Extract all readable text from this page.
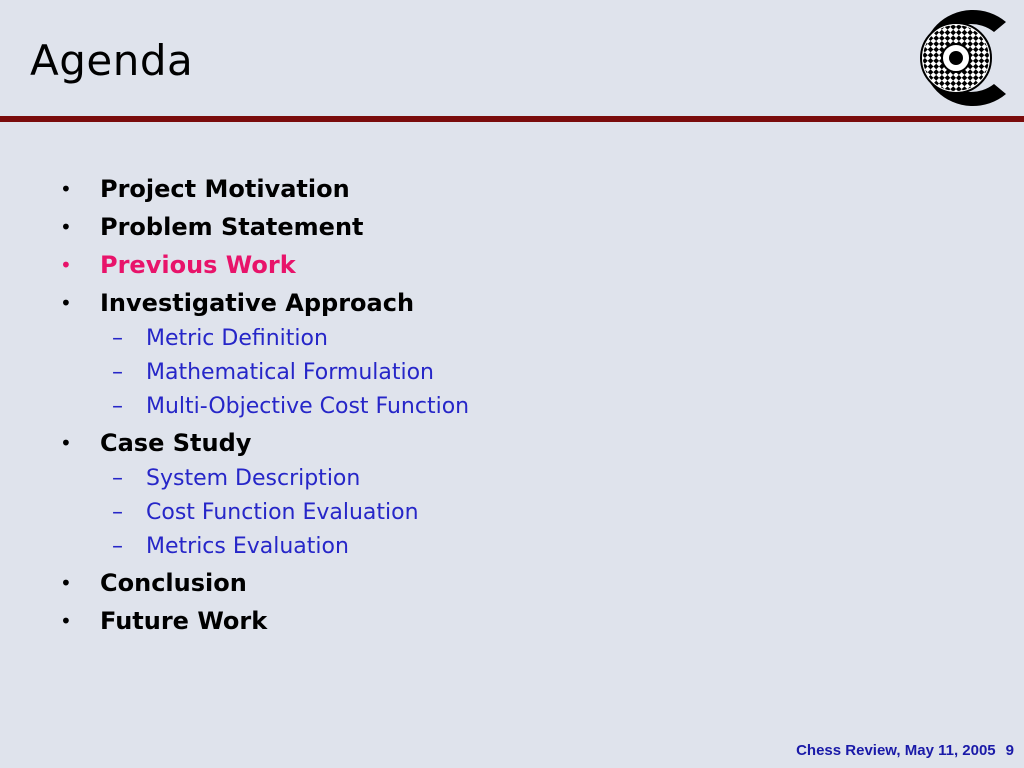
Agenda
• Project Motivation
• Problem Statement
• Previous Work
• Investigative Approach
– Metric Definition
– Mathematical Formulation
– Multi-Objective Cost Function
• Case Study
– System Description
– Cost Function Evaluation
– Metrics Evaluation
• Conclusion
• Future Work
Chess Review, May 11, 2005 9
